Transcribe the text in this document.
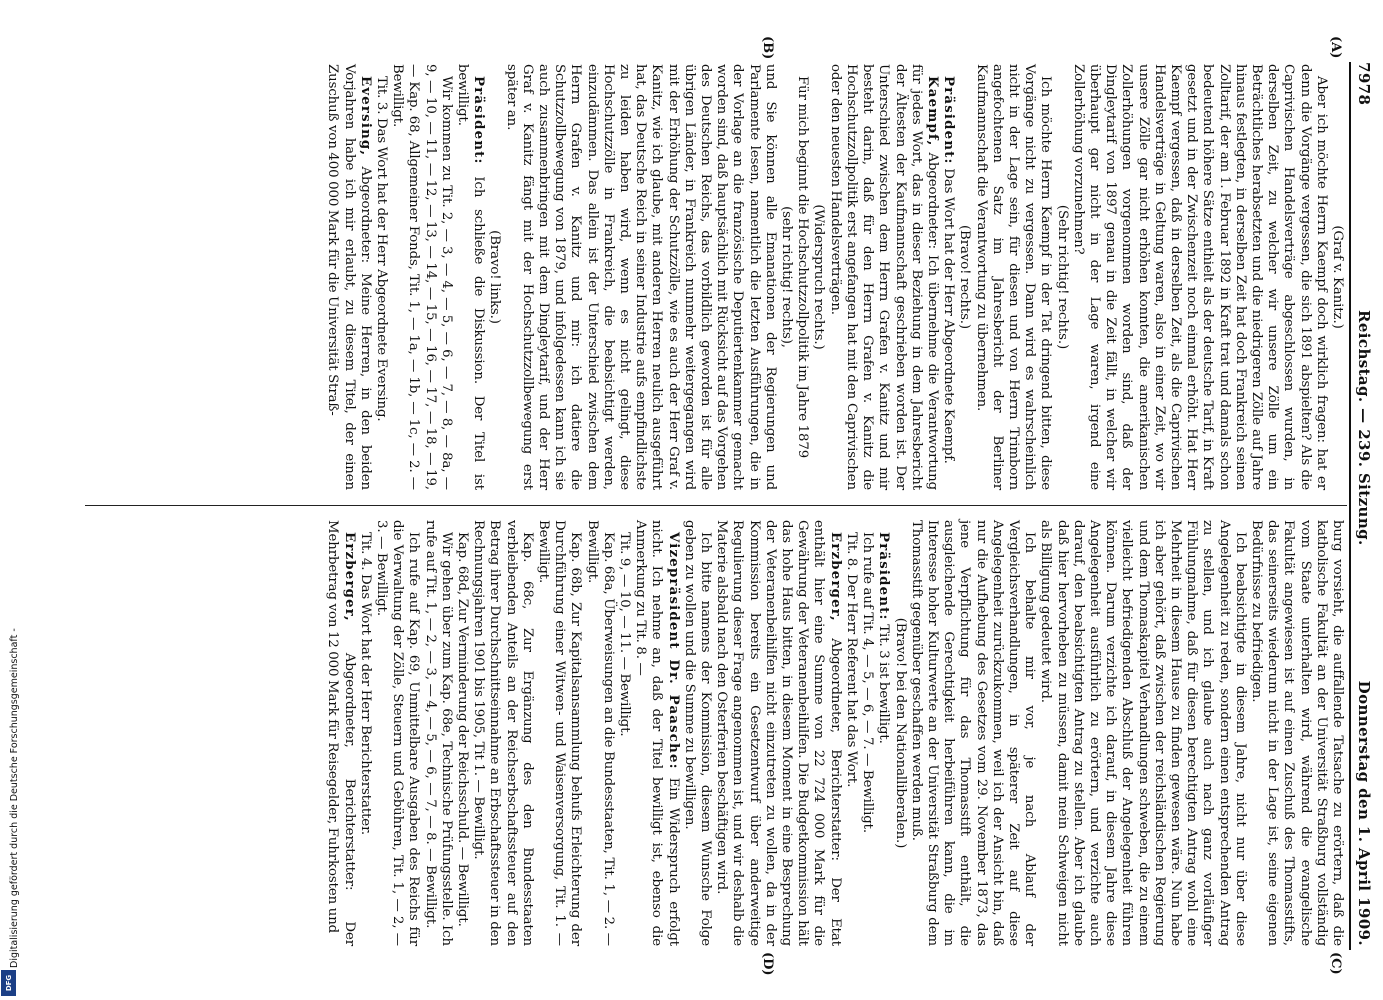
Digitalisierung gefördert durch die Deutsche Forschungsgemeinschaft -
DFG
7978
Reichstag. — 239. Sitzung.
Donnerstag den 1. April 1909.
(A)
(B)
(C)
(D)

(Graf v. Kanitz.)

Aber ich möchte Herrn Kaempf doch wirklich fragen: hat er denn die Vorgänge vergessen, die sich 1891 abspielten? Als die Caprivischen Handelsverträge abgeschlossen wurden, in derselben Zeit, zu welcher wir unsere Zölle um ein Beträchtliches herabsetzten und die niedrigeren Zölle auf Jahre hinaus festlegten, in derselben Zeit hat doch Frankreich seinen Zolltarif, der am 1. Februar 1892 in Kraft trat und damals schon bedeutend höhere Sätze enthielt als der deutsche Tarif, in Kraft gesetzt und in der Zwischenzeit noch einmal erhöht. Hat Herr Kaempf vergessen, daß in derselben Zeit, als die Caprivischen Handelsverträge in Geltung waren, also in einer Zeit, wo wir unsere Zölle gar nicht erhöhen konnten, die amerikanischen Zollerhöhungen vorgenommen worden sind, daß der Dingleytarif von 1897 genau in die Zeit fällt, in welcher wir überhaupt gar nicht in der Lage waren, irgend eine Zollerhöhung vorzunehmen?

(Sehr richtig! rechts.)

Ich möchte Herrn Kaempf in der Tat dringend bitten, diese Vorgänge nicht zu vergessen. Dann wird es wahrscheinlich nicht in der Lage sein, für diesen und von Herrn Trimborn angefochtenen Satz im Jahresbericht der Berliner Kaufmannschaft die Verantwortung zu übernehmen.

(Bravo! rechts.)

Präsident: Das Wort hat der Herr Abgeordnete Kaempf.

Kaempf, Abgeordneter: Ich übernehme die Verantwortung für jedes Wort, das in dieser Beziehung in dem Jahresbericht der Ältesten der Kaufmannschaft geschrieben worden ist. Der Unterschied zwischen dem Herrn Grafen v. Kanitz und mir besteht darin, daß für den Herrn Grafen v. Kanitz die Hochschutzzollpolitik erst angefangen hat mit den Caprivischen oder den neuesten Handelsverträgen.

(Widerspruch rechts.)

Für mich beginnt die Hochschutzzollpolitik im Jahre 1879

(sehr richtig! rechts),

und Sie können alle Emanationen der Regierungen und Parlamente lesen, namentlich die letzten Ausführungen, die in der Vorlage an die französische Deputiertenkammer gemacht worden sind, daß hauptsächlich mit Rücksicht auf das Vorgehen des Deutschen Reichs, das vorbildlich geworden ist für alle übrigen Länder, in Frankreich nunmehr weitergegangen wird mit der Erhöhung der Schutzzölle, wie es auch der Herr Graf v. Kanitz, wie ich glaube, mit anderen Herren neulich ausgeführt hat, das Deutsche Reich in seiner Industrie aufs empfindlichste zu leiden haben wird, wenn es nicht gelingt, diese Hochschutzzölle in Frankreich, die beabsichtigt werden, einzudämmen. Das allein ist der Unterschied zwischen dem Herrn Grafen v. Kanitz und mir: ich datiere die Schutzzollbewegung von 1879, und infolgedessen kann ich sie auch zusammenbringen mit dem Dingleytarif, und der Herr Graf v. Kanitz fängt mit der Hochschutzzollbewegung erst später an.

(Bravo! links.)

Präsident: Ich schließe die Diskussion. Der Titel ist bewilligt.

Wir kommen zu Tit. 2, — 3, — 4, — 5, — 6, — 7, — 8, — 8a, — 9, — 10, — 11, — 12, — 13, — 14, — 15, — 16, — 17, — 18, — 19, — Kap. 68, Allgemeiner Fonds, Tit. 1, — 1a, — 1b, — 1c, — 2. — Bewilligt.

Tit. 3. Das Wort hat der Herr Abgeordnete Eversing.

Eversing, Abgeordneter: Meine Herren, in den beiden Vorjahren habe ich mir erlaubt, zu diesem Titel, der einen Zuschuß von 400 000 Mark für die Universität Straß-

burg vorsieht, die auffallende Tatsache zu erörtern, daß die katholische Fakultät an der Universität Straßburg vollständig vom Staate unterhalten wird, während die evangelische Fakultät angewiesen ist auf einen Zuschuß des Thomasstifts, das seinerseits wiederum nicht in der Lage ist, seine eigenen Bedürfnisse zu befriedigen.

Ich beabsichtigte in diesem Jahre, nicht nur über diese Angelegenheit zu reden, sondern einen entsprechenden Antrag zu stellen, und ich glaube auch nach ganz vorläufiger Fühlungnahme, daß für diesen berechtigten Antrag wohl eine Mehrheit in diesem Hause zu finden gewesen wäre. Nun habe ich aber gehört, daß zwischen der reichsländischen Regierung und dem Thomaskapitel Verhandlungen schweben, die zu einem vielleicht befriedigenden Abschluß der Angelegenheit führen können. Darum verzichte ich darauf, in diesem Jahre diese Angelegenheit ausführlich zu erörtern, und verzichte auch darauf, den beabsichtigten Antrag zu stellen. Aber ich glaube daß hier hervorheben zu müssen, damit mein Schweigen nicht als Billigung gedeutet wird.

Ich behalte mir vor, je nach Ablauf der Vergleichsverhandlungen, in späterer Zeit auf diese Angelegenheit zurückzukommen, weil ich der Ansicht bin, daß nur die Aufhebung des Gesetzes vom 29. November 1873, das jene Verpflichtung für das Thomasstift enthält, die ausgleichende Gerechtigkeit herbeiführen kann, die im Interesse hoher Kulturwerte an der Universität Straßburg dem Thomasstift gegenüber geschaffen werden muß.

(Bravo! bei den Nationalliberalen.)

Präsident: Tit. 3 ist bewilligt.

Ich rufe auf Tit. 4, — 5, — 6, — 7. — Bewilligt.

Tit. 8. Der Herr Referent hat das Wort.

Erzberger, Abgeordneter, Berichterstatter: Der Etat enthält hier eine Summe von 22 724 000 Mark für die Gewährung der Veteranenbeihilfen. Die Budgetkommission hält das hohe Haus bitten, in diesem Moment in eine Besprechung der Veteranenbeihilfen nicht einzutreten zu wollen, da in der Kommission bereits ein Gesetzentwurf über anderweitige Regulierung dieser Frage angenommen ist, und wir deshalb die Materie alsbald nach den Osterferien beschäftigen wird.

Ich bitte namens der Kommission, diesem Wunsche Folge geben zu wollen und die Summe zu bewilligen.

Vizepräsident Dr. Paasche: Ein Widerspruch erfolgt nicht. Ich nehme an, daß der Titel bewilligt ist, ebenso die Anmerkung zu Tit. 8. —

Tit. 9, — 10, — 11. — Bewilligt.

Kap. 68a, Überweisungen an die Bundesstaaten, Tit. 1, — 2. — Bewilligt.

Kap. 68b, Zur Kapitalsansammlung behufs Erleichterung der Durchführung einer Witwen- und Waisenversorgung, Tit. 1. — Bewilligt.

Kap. 68c, Zur Ergänzung des den Bundesstaaten verbleibenden Anteils an der Reichserbschaftssteuer auf den Betrag ihrer Durchschnittseinnahme an Erbschaftssteuer in den Rechnungsjahren 1901 bis 1905, Tit 1. — Bewilligt.

Kap. 68d, Zur Verminderung der Reichsschuld. — Bewilligt.

Wir gehen über zum Kap. 68e, Technische Prüfungsstelle. Ich rufe auf Tit. 1, — 2, — 3, — 4, — 5, — 6, — 7, — 8. — Bewilligt.

Ich rufe auf Kap. 69, Unmittelbare Ausgaben des Reichs für die Verwaltung der Zölle, Steuern und Gebühren, Tit. 1, — 2, — 3. — Bewilligt.

Tit. 4. Das Wort hat der Herr Berichterstatter.

Erzberger, Abgeordneter, Berichterstatter: Der Mehrbetrag von 12 000 Mark für Reisegelder, Fuhrkosten und
